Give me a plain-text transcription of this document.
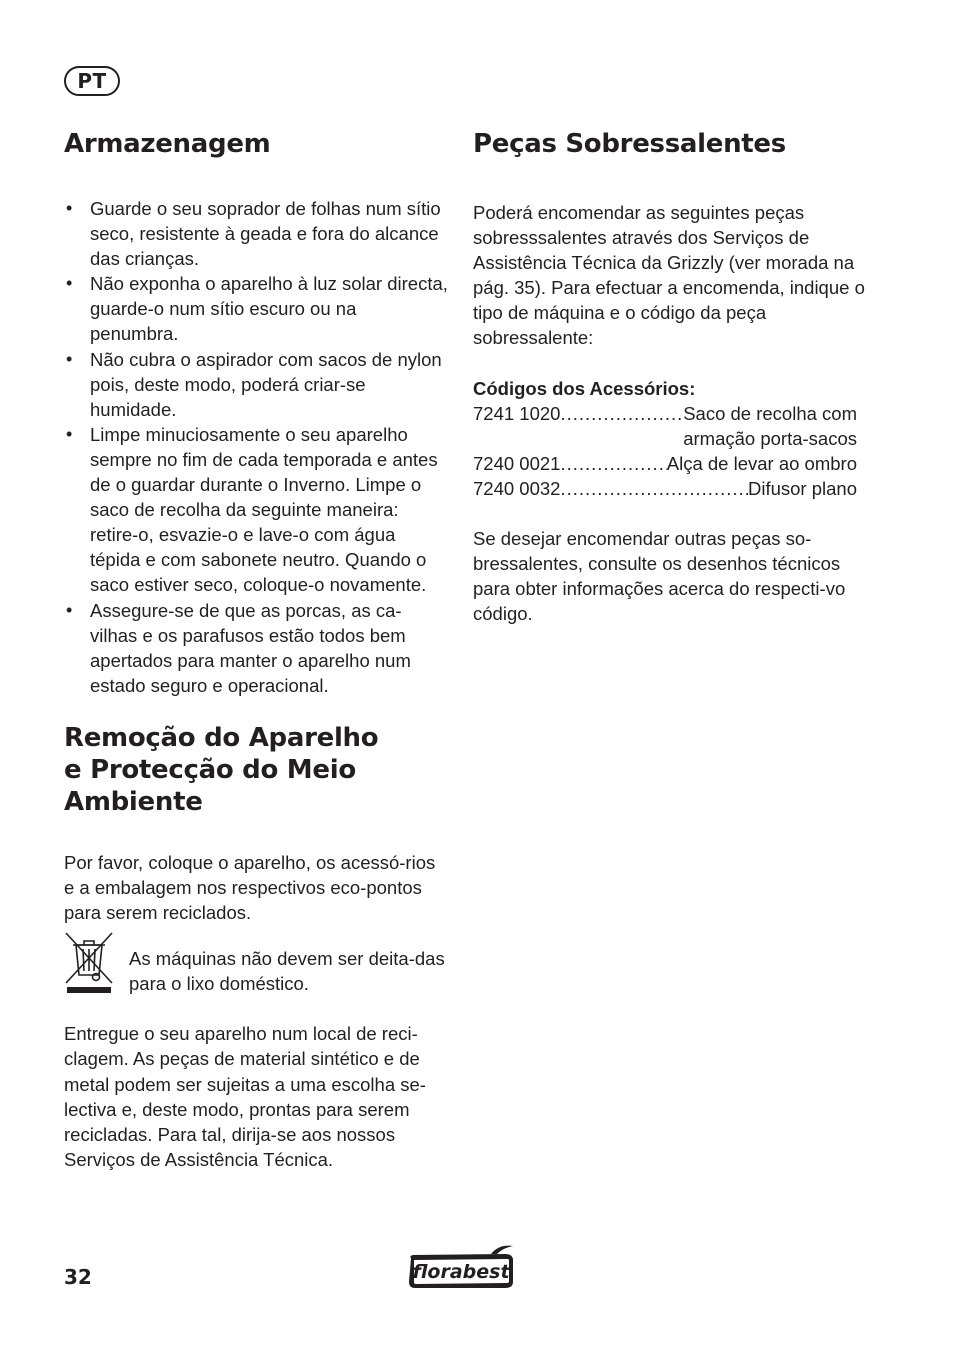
PT
Armazenagem
• Guarde o seu soprador de folhas num sítio seco, resistente à geada e fora do alcance das crianças.
• Não exponha o aparelho à luz solar directa, guarde-o num sítio escuro ou na penumbra.
• Não cubra o aspirador com sacos de nylon pois, deste modo, poderá criar-se humidade.
• Limpe minuciosamente o seu aparelho sempre no fim de cada temporada e antes de o guardar durante o Inverno. Limpe o saco de recolha da seguinte maneira: retire-o, esvazie-o e lave-o com água tépida e com sabonete neutro. Quando o saco estiver seco, coloque-o novamente.
• Assegure-se de que as porcas, as ca-vilhas e os parafusos estão todos bem apertados para manter o aparelho num estado seguro e operacional.
Remoção do Aparelho
e Protecção do Meio
Ambiente

Por favor, coloque o aparelho, os acessó-rios e a embalagem nos respectivos eco-pontos para serem reciclados.

As máquinas não devem ser deita-das para o lixo doméstico.

Entregue o seu aparelho num local de reci-clagem. As peças de material sintético e de metal podem ser sujeitas a uma escolha se-lectiva e, deste modo, prontas para serem recicladas. Para tal, dirija-se aos nossos Serviços de Assistência Técnica.

Peças Sobressalentes

Poderá encomendar as seguintes peças sobresssalentes através dos Serviços de Assistência Técnica da Grizzly (ver morada na pág. 35). Para efectuar a encomenda, indique o tipo de máquina e o código da peça sobressalente:

Códigos dos Acessórios:
7241 1020 .....	Saco de recolha com
armação porta-sacos
7240 0021 .....	Alça de levar ao ombro
7240 0032 .....	Difusor plano

Se desejar encomendar outras peças so-bressalentes, consulte os desenhos técnicos para obter informações acerca do respecti-vo código.

32	florabest
